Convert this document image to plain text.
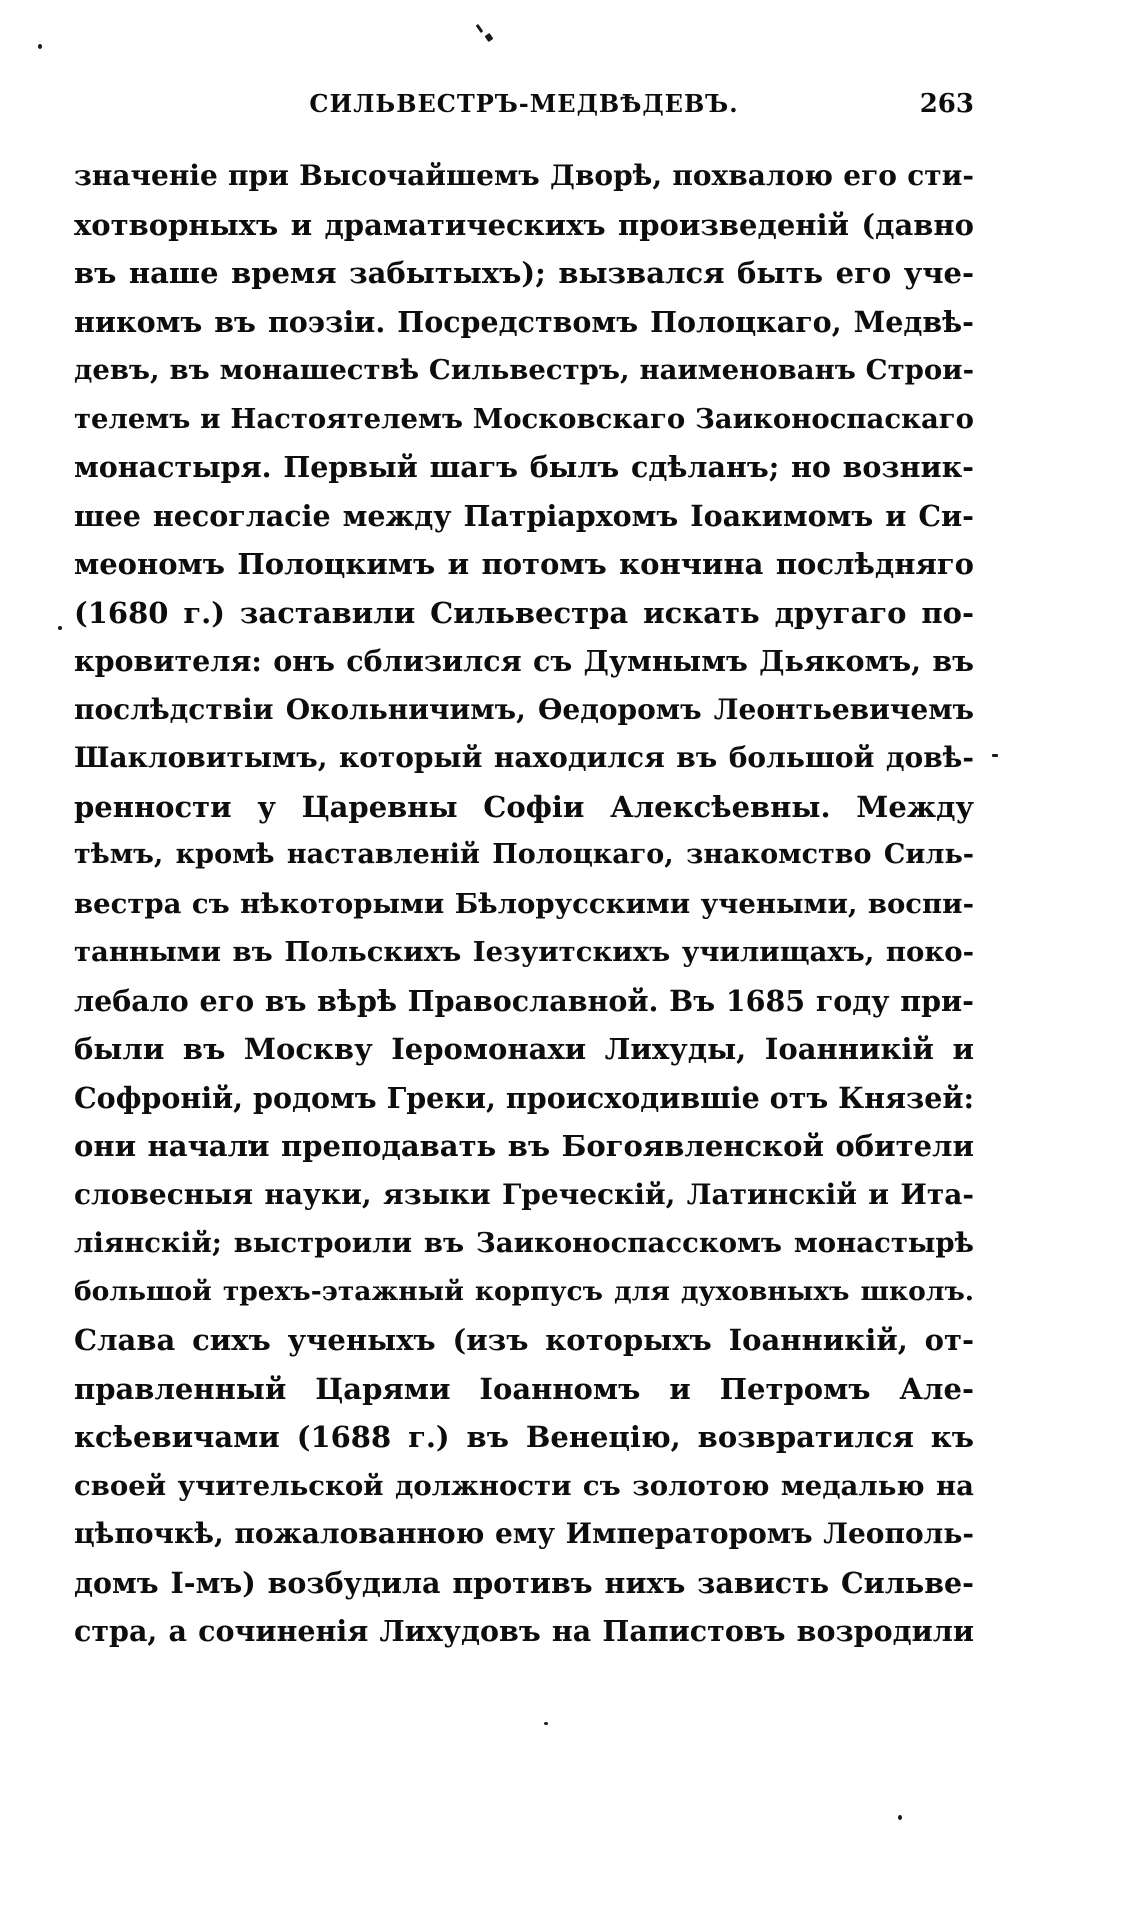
СИЛЬВЕСТРЪ-МЕДВѢДЕВЪ.	263
значеніе при Высочайшемъ Дворѣ, похвалою его сти-
хотворныхъ и драматическихъ произведеній (давно
въ наше время забытыхъ); вызвался быть его уче-
никомъ въ поэзіи. Посредствомъ Полоцкаго, Медвѣ-
девъ, въ монашествѣ Сильвестръ, наименованъ Строи-
телемъ и Настоятелемъ Московскаго Заиконоспаскаго
монастыря. Первый шагъ былъ сдѣланъ; но возник-
шее несогласіе между Патріархомъ Іоакимомъ и Си-
меономъ Полоцкимъ и потомъ кончина послѣдняго
(1680 г.) заставили Сильвестра искать другаго по-
кровителя: онъ сблизился съ Думнымъ Дьякомъ, въ
послѣдствіи Окольничимъ, Ѳедоромъ Леонтьевичемъ
Шакловитымъ, который находился въ большой довѣ-
ренности у Царевны Софіи Алексѣевны. Между
тѣмъ, кромѣ наставленій Полоцкаго, знакомство Силь-
вестра съ нѣкоторыми Бѣлорусскими учеными, воспи-
танными въ Польскихъ Іезуитскихъ училищахъ, поко-
лебало его въ вѣрѣ Православной. Въ 1685 году при-
были въ Москву Іеромонахи Лихуды, Іоанникій и
Софроній, родомъ Греки, происходившіе отъ Князей:
они начали преподавать въ Богоявленской обители
словесныя науки, языки Греческій, Латинскій и Ита-
ліянскій; выстроили въ Заиконоспасскомъ монастырѣ
большой трехъ-этажный корпусъ для духовныхъ школъ.
Слава сихъ ученыхъ (изъ которыхъ Іоанникій, от-
правленный Царями Іоанномъ и Петромъ Але-
ксѣевичами (1688 г.) въ Венецію, возвратился къ
своей учительской должности съ золотою медалью на
цѣпочкѣ, пожалованною ему Императоромъ Леополь-
домъ І-мъ) возбудила противъ нихъ зависть Сильве-
стра, а сочиненія Лихудовъ на Папистовъ возродили
